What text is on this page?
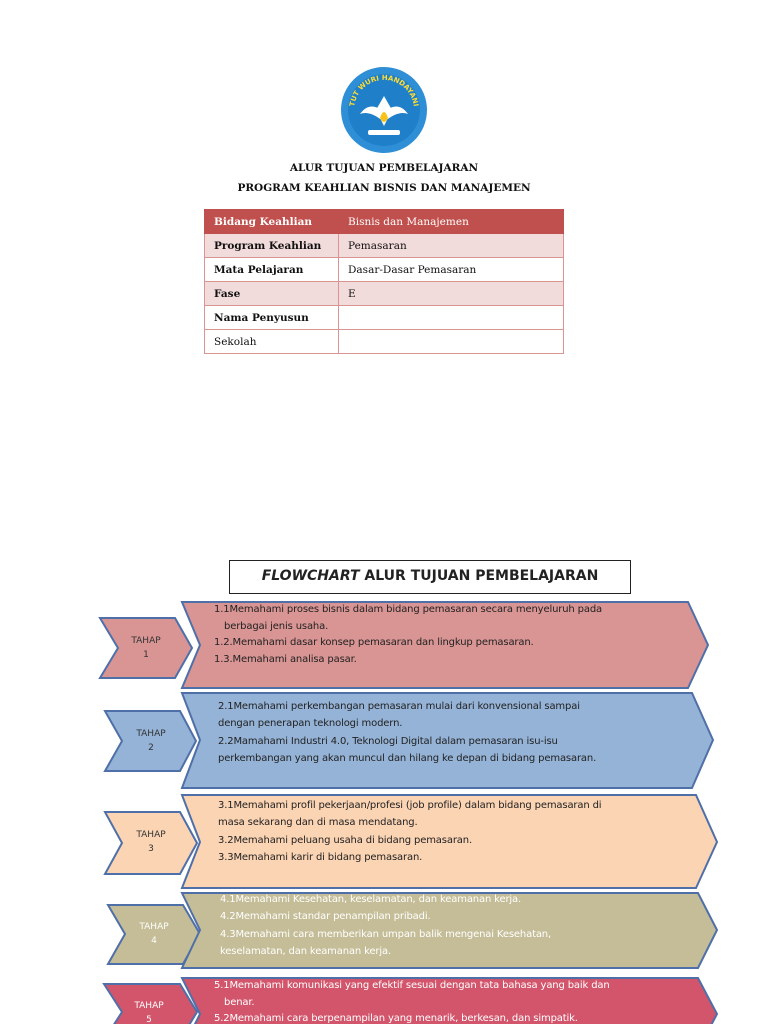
TUT WURI HANDAYANI
ALUR TUJUAN PEMBELAJARAN
PROGRAM KEAHLIAN BISNIS DAN MANAJEMEN
Bidang Keahlian	Bisnis dan Manajemen
Program Keahlian	Pemasaran
Mata Pelajaran	Dasar-Dasar Pemasaran
Fase	E
Nama Penyusun	
Sekolah	
FLOWCHART ALUR TUJUAN PEMBELAJARAN
TAHAP
1
TAHAP
2
TAHAP
3
TAHAP
4
TAHAP
5

1.1Memahami proses bisnis dalam bidang pemasaran secara menyeluruh pada

berbagai jenis usaha.

1.2.Memahami dasar konsep pemasaran dan lingkup pemasaran.

1.3.Memahami analisa pasar.

2.1Memahami perkembangan pemasaran mulai dari konvensional sampai

dengan penerapan teknologi modern.

2.2Mamahami Industri 4.0, Teknologi Digital dalam pemasaran isu-isu

perkembangan yang akan muncul dan hilang ke depan di bidang pemasaran.

3.1Memahami profil pekerjaan/profesi (job profile) dalam bidang pemasaran di

masa sekarang dan di masa mendatang.

3.2Memahami peluang usaha di bidang pemasaran.

3.3Memahami karir di bidang pemasaran.

4.1Memahami Kesehatan, keselamatan, dan keamanan kerja.

4.2Memahami standar penampilan pribadi.

4.3Memahami cara memberikan umpan balik mengenai Kesehatan,

keselamatan, dan keamanan kerja.

5.1Memahami komunikasi yang efektif sesuai dengan tata bahasa yang baik dan

benar.

5.2Memahami cara berpenampilan yang menarik, berkesan, dan simpatik.
